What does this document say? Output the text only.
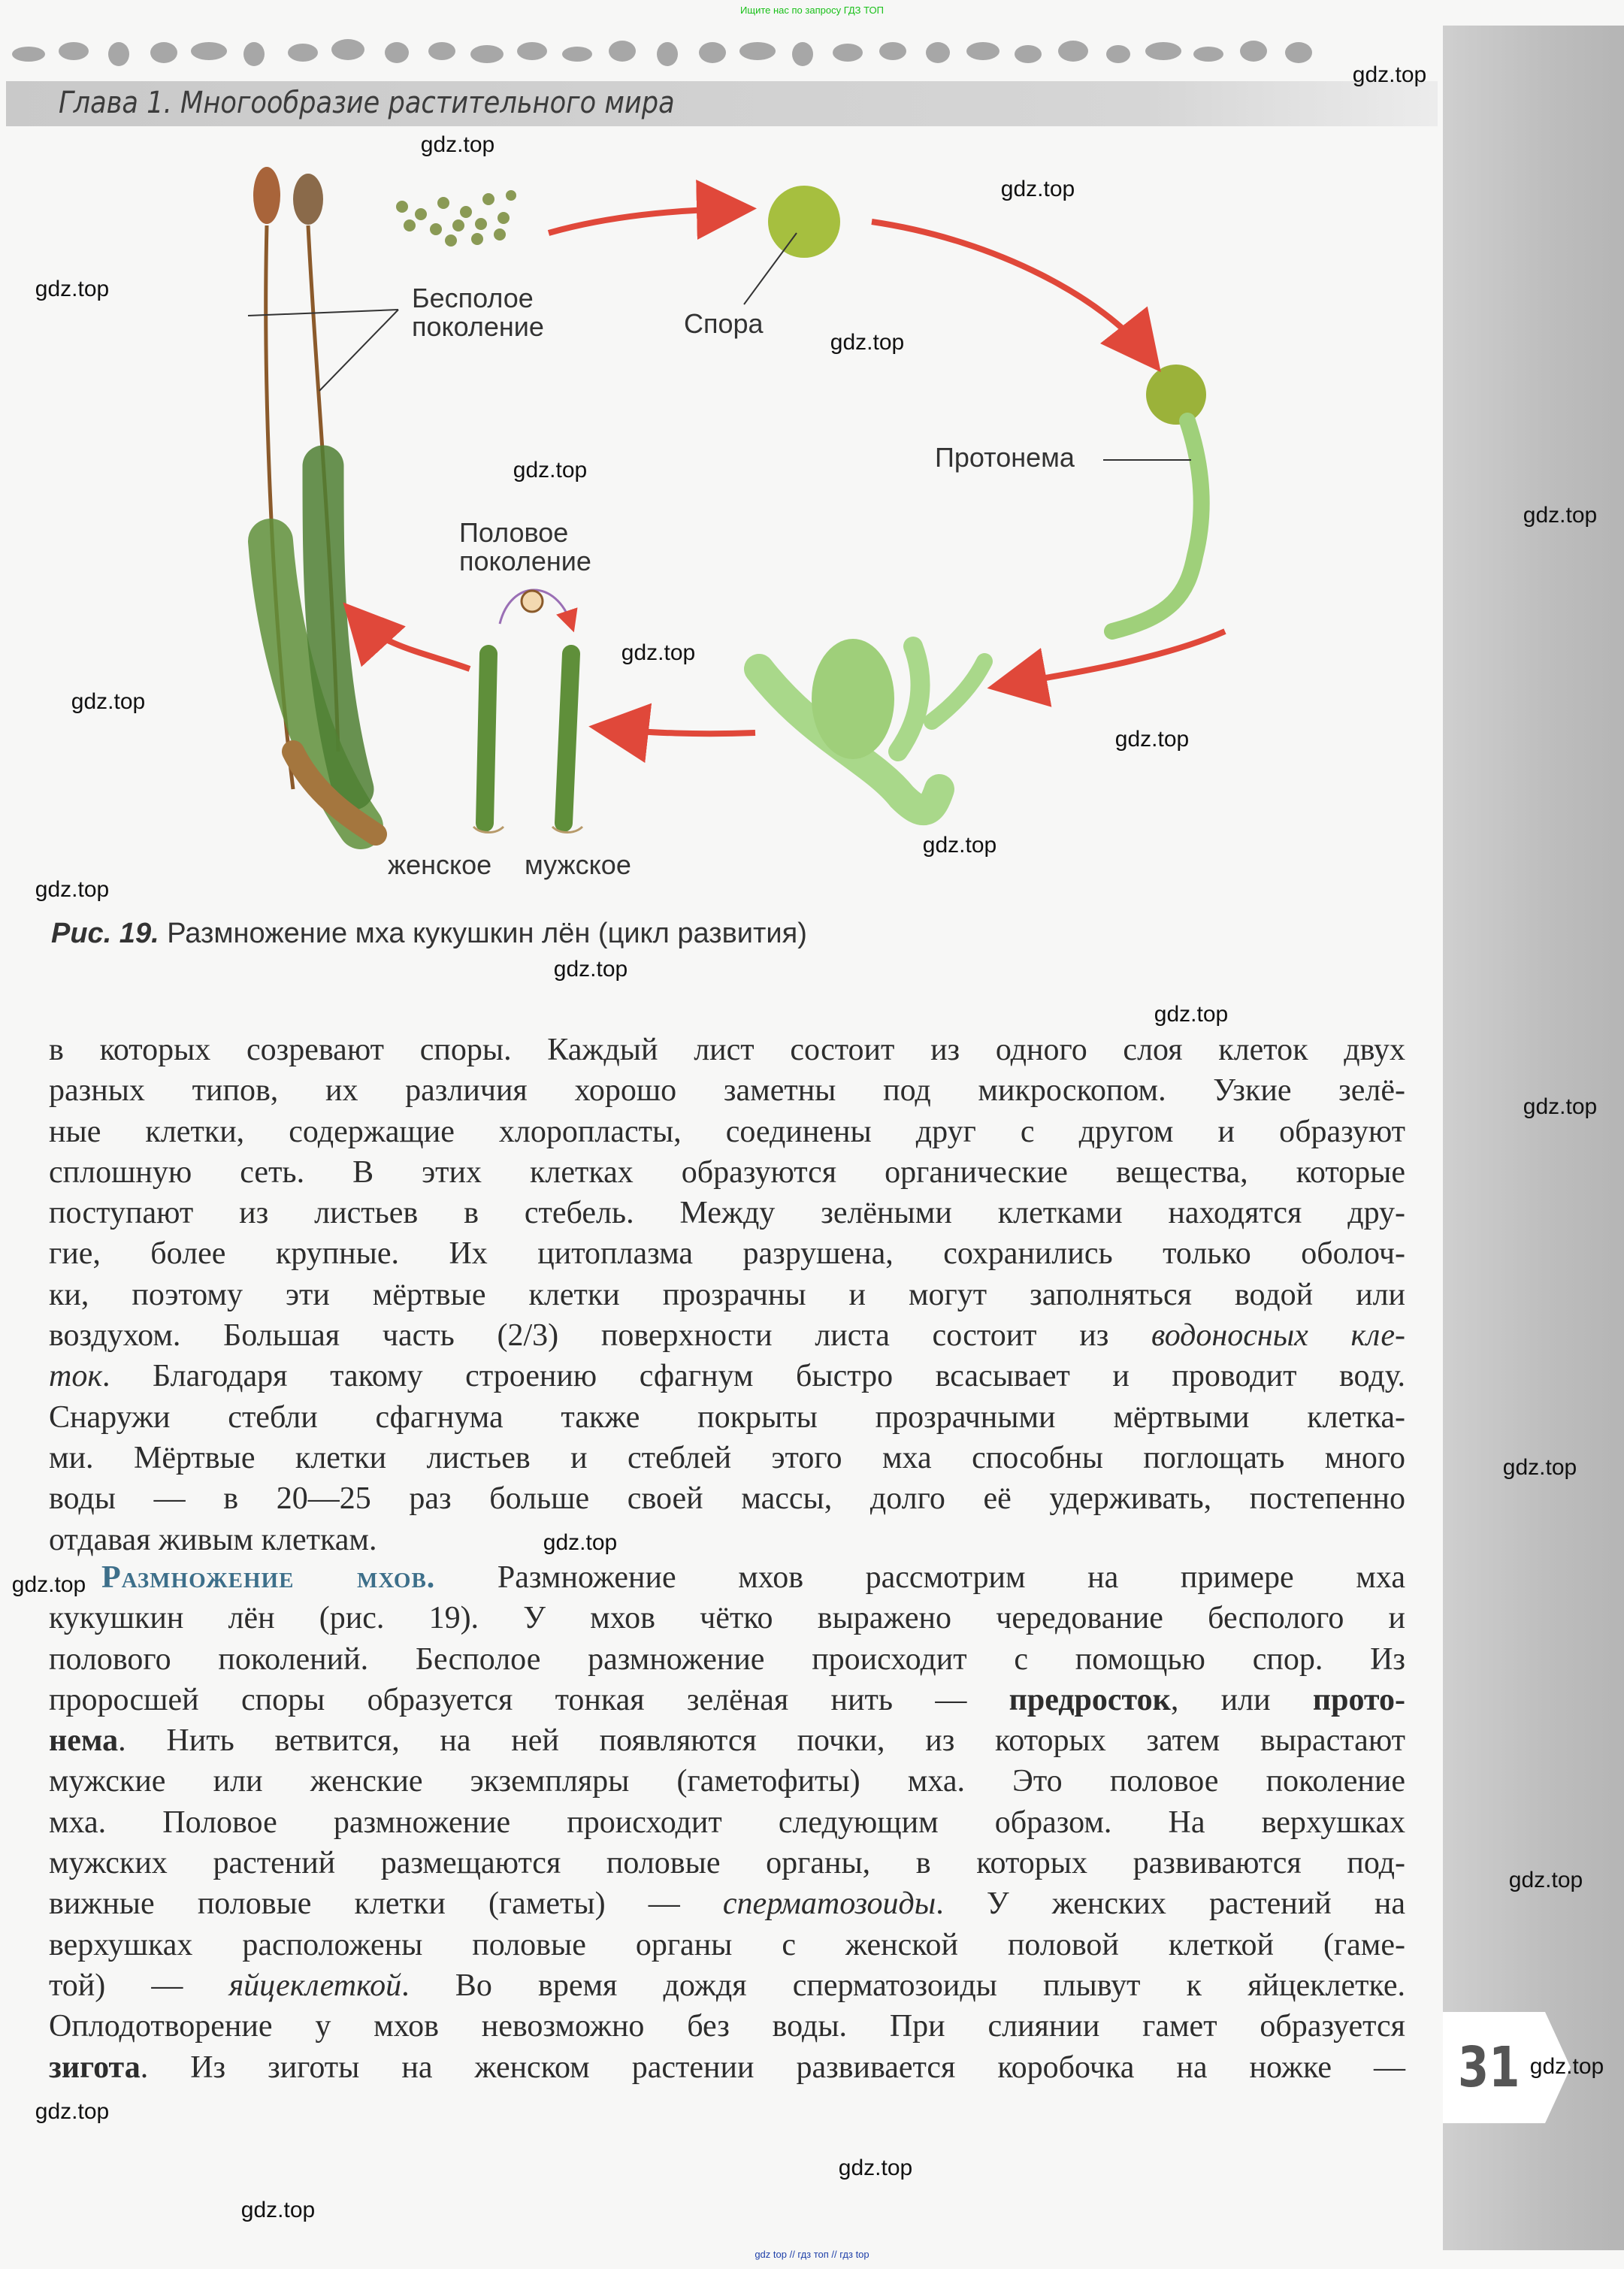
Ищите нас по запросу ГДЗ ТОП
Глава 1. Многообразие растительного мира
Бесполое
поколение	Спора
Протонема
Половое
поколение
женское мужское
Рис. 19. Размножение мха кукушкин лён (цикл развития)
в которых созревают споры. Каждый лист состоит из одного слоя клеток двух
разных типов, их различия хорошо заметны под микроскопом. Узкие зелё-
ные клетки, содержащие хлоропласты, соединены друг с другом и образуют
сплошную сеть. В этих клетках образуются органические вещества, которые
поступают из листьев в стебель. Между зелёными клетками находятся дру-
гие, более крупные. Их цитоплазма разрушена, сохранились только оболоч-
ки, поэтому эти мёртвые клетки прозрачны и могут заполняться водой или
воздухом. Большая часть (2/3) поверхности листа состоит из водоносных кле-
ток. Благодаря такому строению сфагнум быстро всасывает и проводит воду.
Снаружи стебли сфагнума также покрыты прозрачными мёртвыми клетка-
ми. Мёртвые клетки листьев и стеблей этого мха способны поглощать много
воды — в 20—25 раз больше своей массы, долго её удерживать, постепенно
отдавая живым клеткам.
Размножение мхов. Размножение мхов рассмотрим на примере мха
кукушкин лён (рис. 19). У мхов чётко выражено чередование бесполого и
полового поколений. Бесполое размножение происходит с помощью спор. Из
проросшей споры образуется тонкая зелёная нить — предросток, или прото-
нема. Нить ветвится, на ней появляются почки, из которых затем вырастают
мужские или женские экземпляры (гаметофиты) мха. Это половое поколение
мха. Половое размножение происходит следующим образом. На верхушках
мужских растений размещаются половые органы, в которых развиваются под-
вижные половые клетки (гаметы) — сперматозоиды. У женских растений на
верхушках расположены половые органы с женской половой клеткой (гаме-
той) — яйцеклеткой. Во время дождя сперматозоиды плывут к яйцеклетке.
Оплодотворение у мхов невозможно без воды. При слиянии гамет образуется
зигота. Из зиготы на женском растении развивается коробочка на ножке — 31
gdz.top
gdz.top
gdz.top
gdz.top
gdz.top
gdz.top
gdz.top
gdz.top
gdz.top
gdz.top
gdz.top
gdz.top
gdz.top
gdz.top
gdz.top
gdz.top
gdz.top
gdz.top
gdz.top
gdz.top
gdz.top
gdz.top
gdz.top
gdz top // гдз топ // гдз top
